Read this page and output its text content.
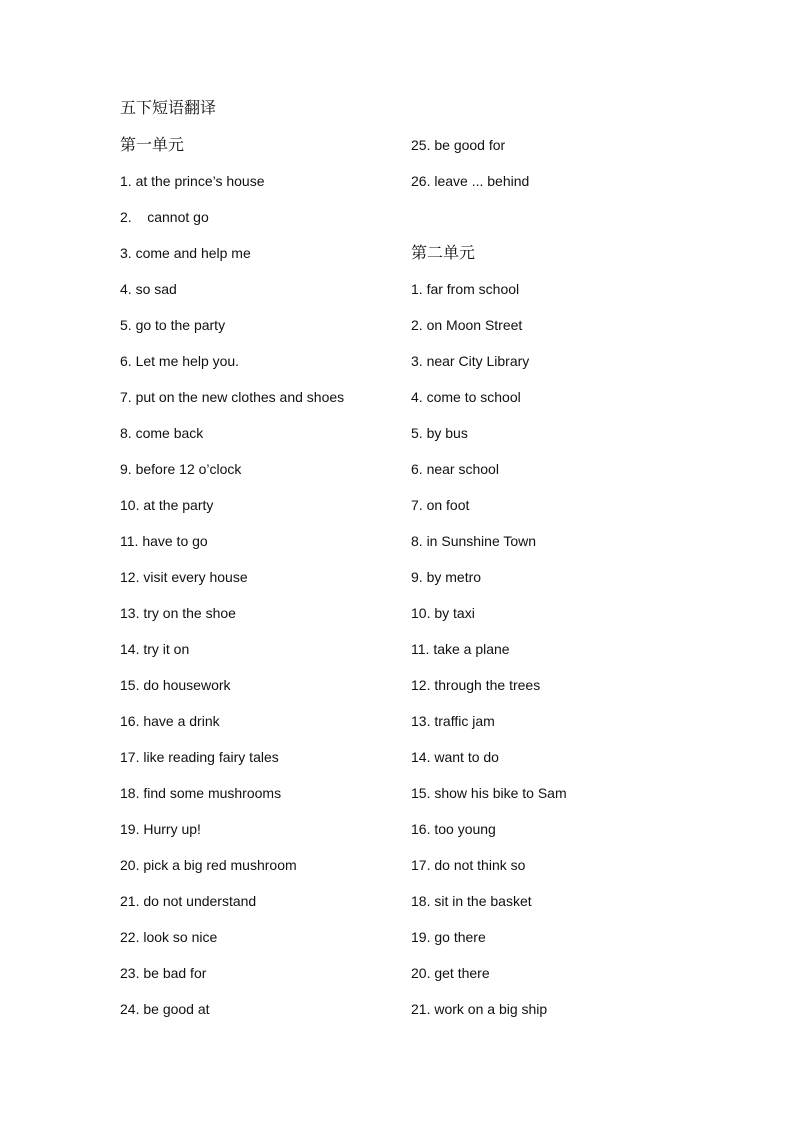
五下短语翻译
第一单元
1. at the prince’s house
2.    cannot go
3. come and help me
4. so sad
5. go to the party
6. Let me help you.
7. put on the new clothes and shoes
8. come back
9. before 12 o’clock
10. at the party
11. have to go
12. visit every house
13. try on the shoe
14. try it on
15. do housework
16. have a drink
17. like reading fairy tales
18. find some mushrooms
19. Hurry up!
20. pick a big red mushroom
21. do not understand
22. look so nice
23. be bad for
24. be good at
25. be good for
26. leave ... behind
第二单元
1. far from school
2. on Moon Street
3. near City Library
4. come to school
5. by bus
6. near school
7. on foot
8. in Sunshine Town
9. by metro
10. by taxi
11. take a plane
12. through the trees
13. traffic jam
14. want to do
15. show his bike to Sam
16. too young
17. do not think so
18. sit in the basket
19. go there
20. get there
21. work on a big ship
